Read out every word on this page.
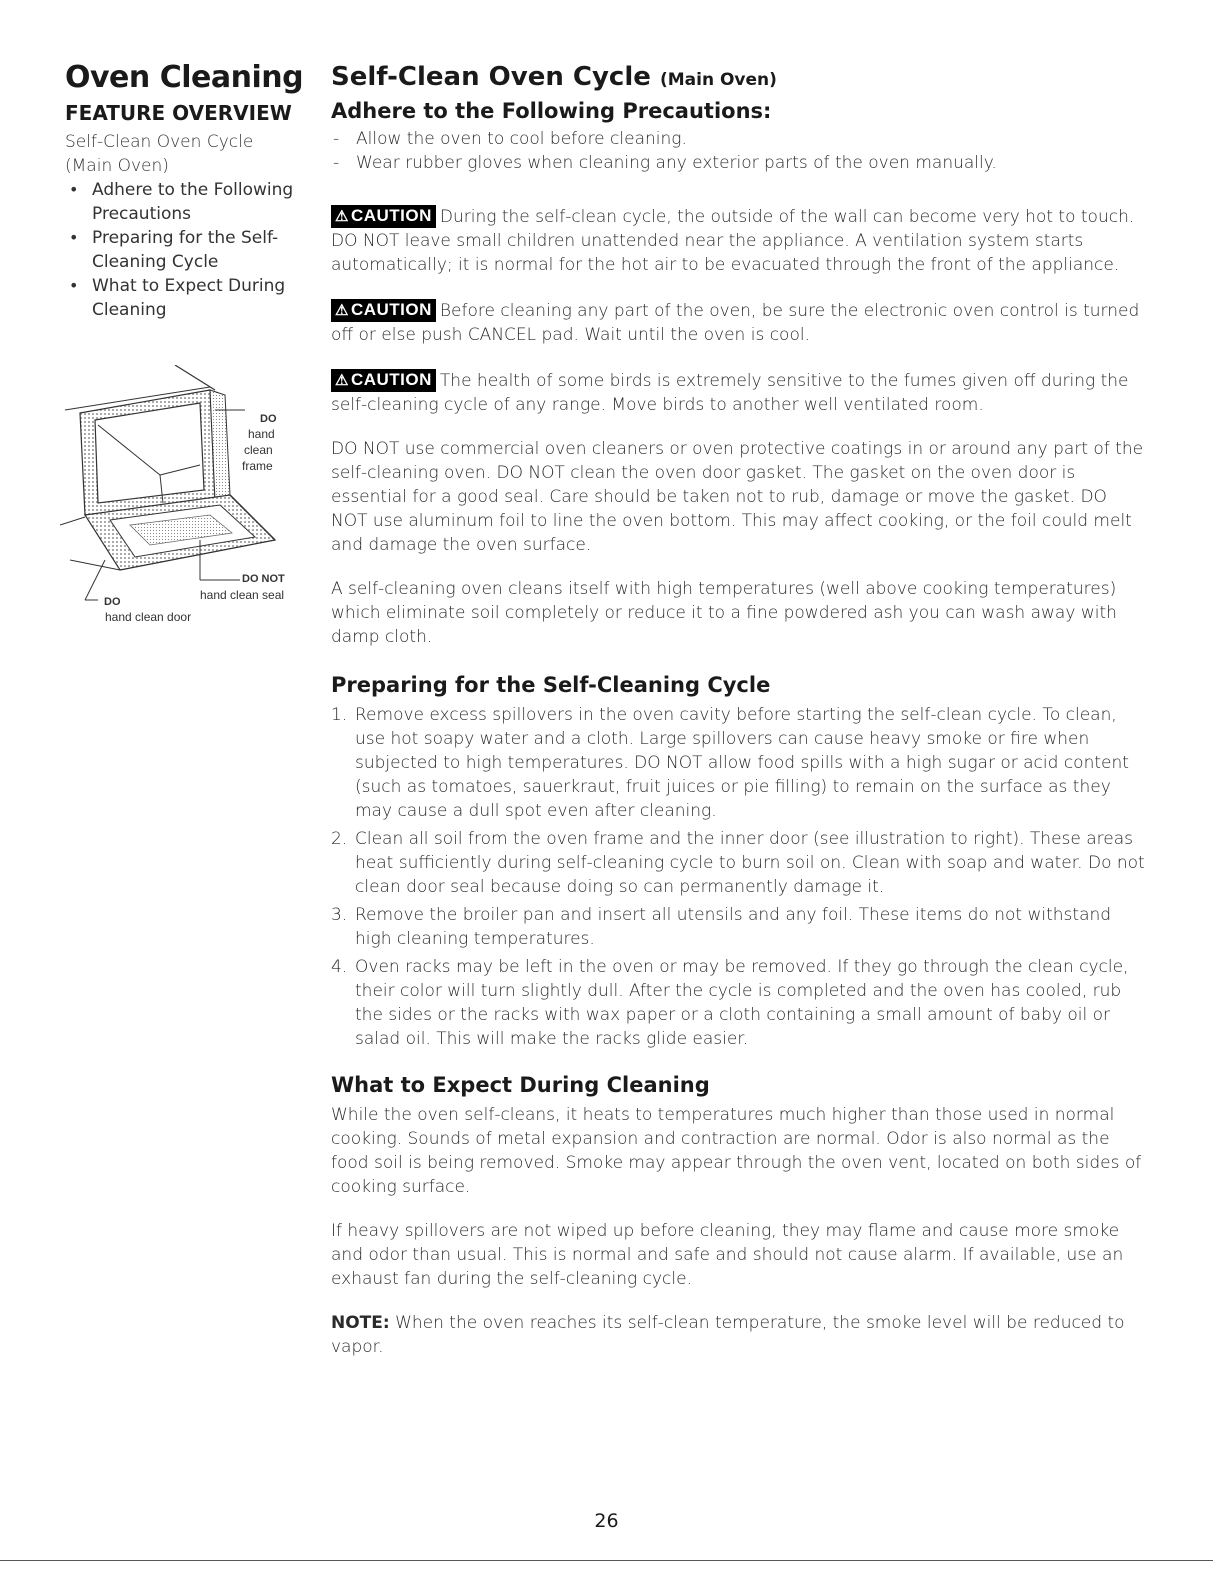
Oven Cleaning
FEATURE OVERVIEW
Self-Clean Oven Cycle
(Main Oven)
• Adhere to the Following Precautions
• Preparing for the Self-Cleaning Cycle
• What to Expect During Cleaning
DO
hand
clean
frame
DO NOT
hand clean seal
DO
hand clean door
Self-Clean Oven Cycle (Main Oven)
Adhere to the Following Precautions:
- Allow the oven to cool before cleaning.
- Wear rubber gloves when cleaning any exterior parts of the oven manually.

⚠ CAUTION During the self-clean cycle, the outside of the wall can become very hot to touch. DO NOT leave small children unattended near the appliance. A ventilation system starts automatically; it is normal for the hot air to be evacuated through the front of the appliance.

⚠ CAUTION Before cleaning any part of the oven, be sure the electronic oven control is turned off or else push CANCEL pad. Wait until the oven is cool.

⚠ CAUTION The health of some birds is extremely sensitive to the fumes given off during the self-cleaning cycle of any range. Move birds to another well ventilated room.

DO NOT use commercial oven cleaners or oven protective coatings in or around any part of the self-cleaning oven. DO NOT clean the oven door gasket. The gasket on the oven door is essential for a good seal. Care should be taken not to rub, damage or move the gasket. DO NOT use aluminum foil to line the oven bottom. This may affect cooking, or the foil could melt and damage the oven surface.

A self-cleaning oven cleans itself with high temperatures (well above cooking temperatures) which eliminate soil completely or reduce it to a fine powdered ash you can wash away with damp cloth.

Preparing for the Self-Cleaning Cycle
1. Remove excess spillovers in the oven cavity before starting the self-clean cycle. To clean, use hot soapy water and a cloth. Large spillovers can cause heavy smoke or fire when subjected to high temperatures. DO NOT allow food spills with a high sugar or acid content (such as tomatoes, sauerkraut, fruit juices or pie filling) to remain on the surface as they may cause a dull spot even after cleaning.
2. Clean all soil from the oven frame and the inner door (see illustration to right). These areas heat sufficiently during self-cleaning cycle to burn soil on. Clean with soap and water. Do not clean door seal because doing so can permanently damage it.
3. Remove the broiler pan and insert all utensils and any foil. These items do not withstand high cleaning temperatures.
4. Oven racks may be left in the oven or may be removed. If they go through the clean cycle, their color will turn slightly dull. After the cycle is completed and the oven has cooled, rub the sides or the racks with wax paper or a cloth containing a small amount of baby oil or salad oil. This will make the racks glide easier.
What to Expect During Cleaning

While the oven self-cleans, it heats to temperatures much higher than those used in normal cooking. Sounds of metal expansion and contraction are normal. Odor is also normal as the food soil is being removed. Smoke may appear through the oven vent, located on both sides of cooking surface.

If heavy spillovers are not wiped up before cleaning, they may flame and cause more smoke and odor than usual. This is normal and safe and should not cause alarm. If available, use an exhaust fan during the self-cleaning cycle.

NOTE: When the oven reaches its self-clean temperature, the smoke level will be reduced to vapor.

26
